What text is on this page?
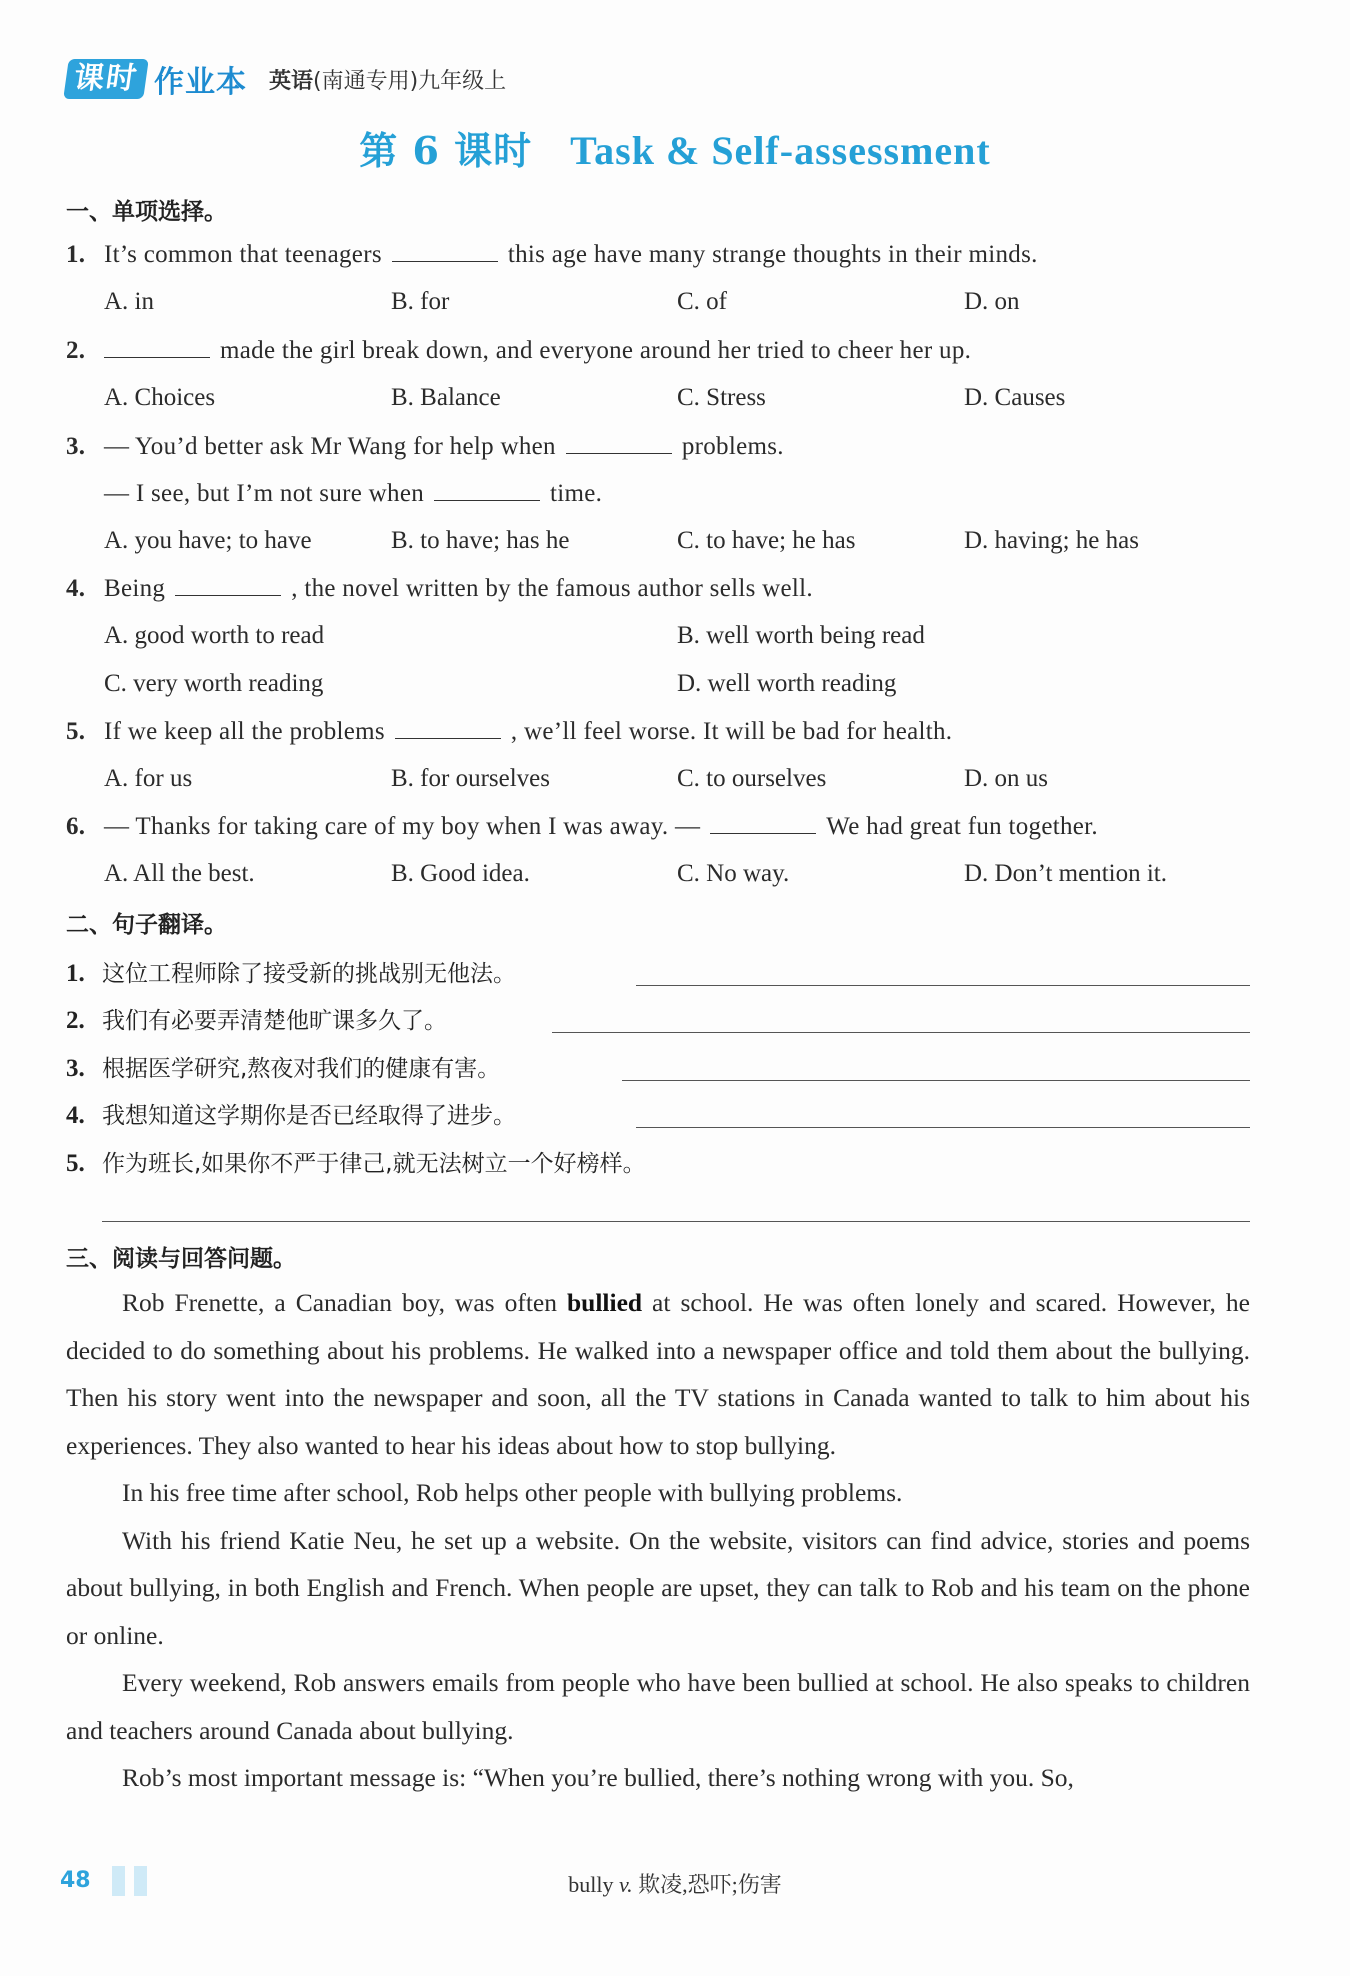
课时 作业本 英语(南通专用)九年级上
第 6 课时 Task & Self-assessment
一、单项选择。
1. It’s common that teenagers	this age have many strange thoughts in their minds.
A. in	B. for	C. of	D. on
2.	made the girl break down, and everyone around her tried to cheer her up.
A. Choices	B. Balance	C. Stress	D. Causes
3. — You’d better ask Mr Wang for help when	problems.
— I see, but I’m not sure when	time.
A. you have; to have	B. to have; has he	C. to have; he has	D. having; he has
4. Being	, the novel written by the famous author sells well.
A. good worth to read	B. well worth being read
C. very worth reading	D. well worth reading
5. If we keep all the problems	, we’ll feel worse. It will be bad for health.
A. for us	B. for ourselves	C. to ourselves	D. on us
6. — Thanks for taking care of my boy when I was away. —	We had great fun together.
A. All the best.	B. Good idea.	C. No way.	D. Don’t mention it.
二、句子翻译。
1. 这位工程师除了接受新的挑战别无他法。
2. 我们有必要弄清楚他旷课多久了。
3. 根据医学研究,熬夜对我们的健康有害。
4. 我想知道这学期你是否已经取得了进步。
5. 作为班长,如果你不严于律己,就无法树立一个好榜样。
三、阅读与回答问题。

Rob Frenette, a Canadian boy, was often bullied at school. He was often lonely and scared. However, he decided to do something about his problems. He walked into a newspaper office and told them about the bullying. Then his story went into the newspaper and soon, all the TV stations in Canada wanted to talk to him about his experiences. They also wanted to hear his ideas about how to stop bullying.

In his free time after school, Rob helps other people with bullying problems.

With his friend Katie Neu, he set up a website. On the website, visitors can find advice, stories and poems about bullying, in both English and French. When people are upset, they can talk to Rob and his team on the phone or online.

Every weekend, Rob answers emails from people who have been bullied at school. He also speaks to children and teachers around Canada about bullying.

Rob’s most important message is: “When you’re bullied, there’s nothing wrong with you. So,

48	bully v. 欺凌,恐吓;伤害
